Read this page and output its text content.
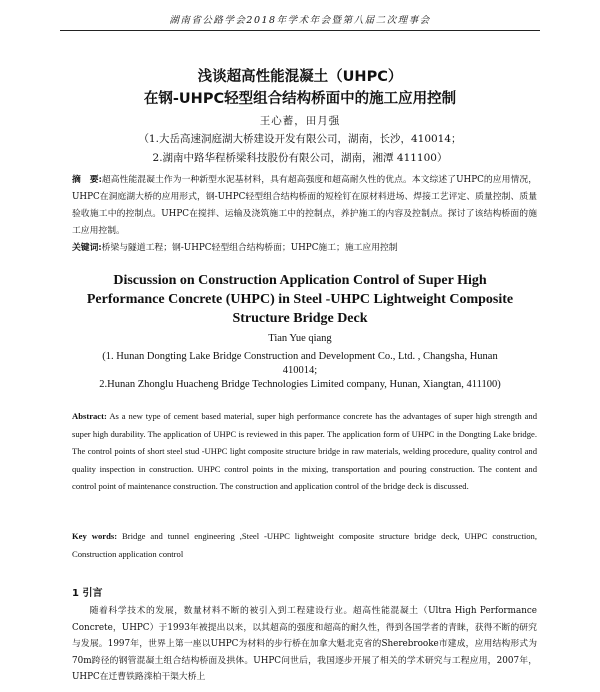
湖南省公路学会2018年学术年会暨第八届二次理事会
浅谈超高性能混凝土（UHPC）
在钢-UHPC轻型组合结构桥面中的施工应用控制
王心蓄，田月强
（1.大岳高速洞庭湖大桥建设开发有限公司，湖南，长沙，410014；
2.湖南中路华程桥梁科技股份有限公司，湖南，湘潭 411100）

摘　要:超高性能混凝土作为一种新型水泥基材料，具有超高强度和超高耐久性的优点。本文综述了UHPC的应用情况，UHPC在洞庭湖大桥的应用形式，钢-UHPC轻型组合结构桥面的短栓钉在原材料进场、焊接工艺评定、质量控制、质量验收施工中的控制点。UHPC在搅拌、运输及浇筑施工中的控制点，养护施工的内容及控制点。探讨了该结构桥面的施工应用控制。

关键词:桥梁与隧道工程；钢-UHPC轻型组合结构桥面；UHPC施工；施工应用控制

Discussion on Construction Application Control of Super High
Performance Concrete (UHPC) in Steel -UHPC Lightweight Composite
Structure Bridge Deck
Tian Yue qiang
(1. Hunan Dongting Lake Bridge Construction and Development Co., Ltd. , Changsha, Hunan 410014;
2.Hunan Zhonglu Huacheng Bridge Technologies Limited company, Hunan, Xiangtan, 411100)

Abstract: As a new type of cement based material, super high performance concrete has the advantages of super high strength and super high durability. The application of UHPC is reviewed in this paper. The application form of UHPC in the Dongting Lake bridge. The control points of short steel stud -UHPC light composite structure bridge in raw materials, welding procedure, quality control and quality inspection in construction. UHPC control points in the mixing, transportation and pouring construction. The content and control point of maintenance construction. The construction and application control of the bridge deck is discussed.

Key words: Bridge and tunnel engineering ,Steel -UHPC lightweight composite structure bridge deck, UHPC construction, Construction application control

1 引言

随着科学技术的发展，数量材料不断的被引入到工程建设行业。超高性能混凝土（Ultra High Performance Concrete，UHPC）于1993年被提出以来，以其超高的强度和超高的耐久性，得到各国学者的青睐，获得不断的研究与发展。1997年，世界上第一座以UHPC为材料的步行桥在加拿大魁北克省的Sherebrooke市建成，应用结构形式为70m跨径的钢管混凝土组合结构桥面及拱体。UHPC问世后，我国逐步开展了相关的学术研究与工程应用，2007年，UHPC在迁曹铁路滦柏干渠大桥上
